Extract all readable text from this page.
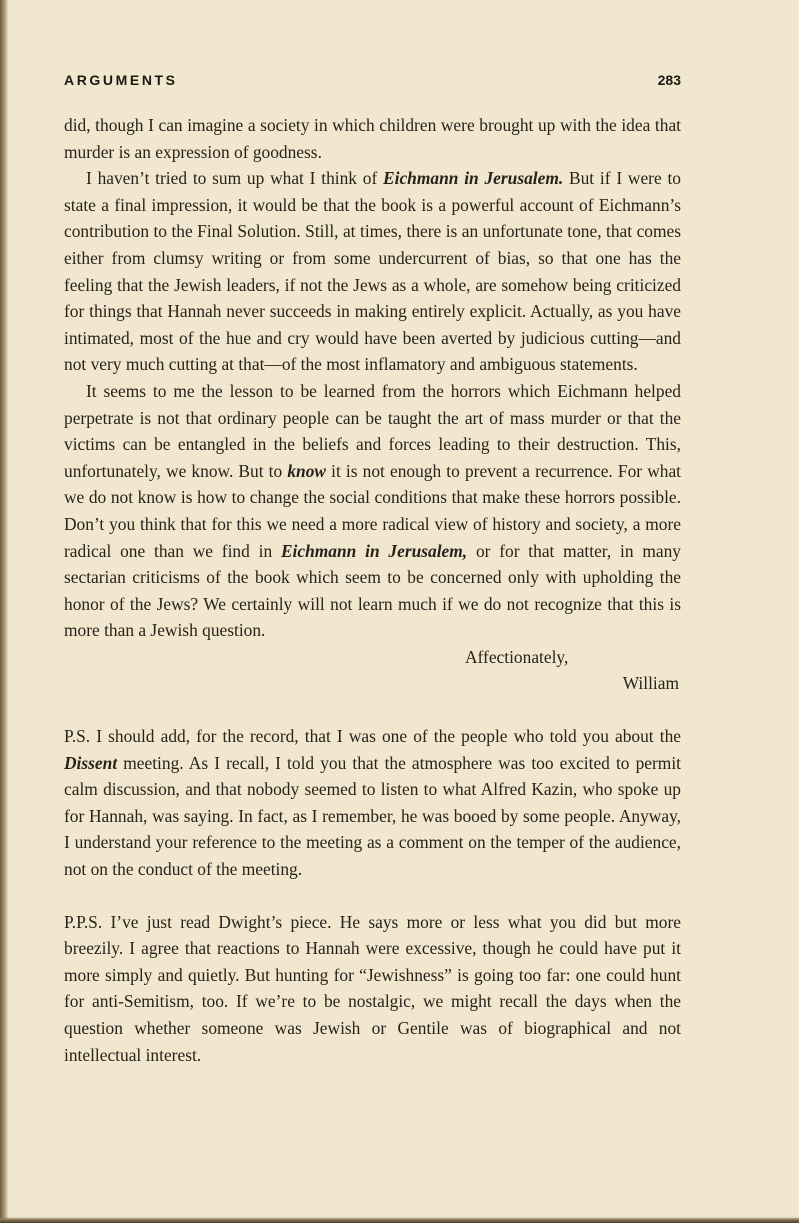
ARGUMENTS	283

did, though I can imagine a society in which children were brought up with the idea that murder is an expression of goodness.

I haven’t tried to sum up what I think of Eichmann in Jerusalem. But if I were to state a final impression, it would be that the book is a powerful account of Eichmann’s contribution to the Final Solution. Still, at times, there is an unfortunate tone, that comes either from clumsy writing or from some undercurrent of bias, so that one has the feeling that the Jewish leaders, if not the Jews as a whole, are somehow being criticized for things that Hannah never succeeds in making entirely explicit. Actually, as you have intimated, most of the hue and cry would have been averted by judicious cutting—and not very much cutting at that—of the most inflamatory and ambiguous statements.

It seems to me the lesson to be learned from the horrors which Eichmann helped perpetrate is not that ordinary people can be taught the art of mass murder or that the victims can be entangled in the beliefs and forces leading to their destruction. This, unfortunately, we know. But to know it is not enough to prevent a recurrence. For what we do not know is how to change the social conditions that make these horrors possible. Don’t you think that for this we need a more radical view of history and society, a more radical one than we find in Eichmann in Jerusalem, or for that matter, in many sectarian criticisms of the book which seem to be concerned only with upholding the honor of the Jews? We certainly will not learn much if we do not recognize that this is more than a Jewish question.

Affectionately,

William

P.S. I should add, for the record, that I was one of the people who told you about the Dissent meeting. As I recall, I told you that the atmosphere was too excited to permit calm discussion, and that nobody seemed to listen to what Alfred Kazin, who spoke up for Hannah, was saying. In fact, as I remember, he was booed by some people. Anyway, I understand your reference to the meeting as a comment on the temper of the audience, not on the conduct of the meeting.

P.P.S. I’ve just read Dwight’s piece. He says more or less what you did but more breezily. I agree that reactions to Hannah were excessive, though he could have put it more simply and quietly. But hunting for “Jewishness” is going too far: one could hunt for anti-Semitism, too. If we’re to be nostalgic, we might recall the days when the question whether someone was Jewish or Gentile was of biographical and not intellectual interest.
